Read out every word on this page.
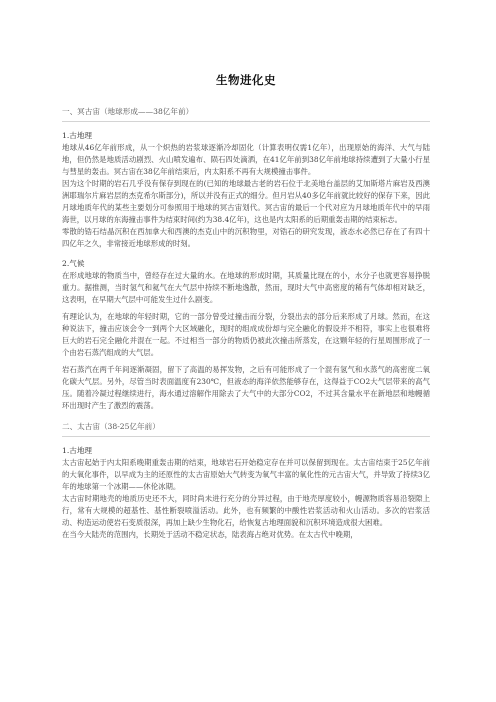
生物进化史
一、冥古宙（地球形成——38亿年前）

1.古地理

地球从46亿年前形成，从一个炽热的岩浆球逐渐冷却固化（计算表明仅需1亿年），出现原始的海洋、大气与陆地，但仍然是地质活动剧烈、火山喷发遍布、陨石四处滴洒，在41亿年前到38亿年前地球持续遭到了大量小行星与彗星的轰击。冥古宙在38亿年前结束后，内太阳系不再有大规模撞击事件。

因为这个时期的岩石几乎没有保存到现在的(已知的地球最古老的岩石位于北美地台盖层的艾加斯塔片麻岩及西澳洲耶瑞尔片麻岩层的杰克希尔斯部分)，所以并没有正式的细分。但月岩从40多亿年前就比较好的保存下来，因此月球地质年代的某些主要划分可参照用于地球的冥古宙划代。冥古宙的最后一个代对应为月球地质年代中的早雨海世，以月球的东海撞击事件为结束时间(约为38.4亿年)，这也是内太阳系的后期重轰击期的结束标志。

零散的锆石结晶沉积在西加拿大和西澳的杰克山中的沉积物里，对锆石的研究发现，液态水必然已存在了有四十四亿年之久，非常接近地球形成的时刻。

2.气候

在形成地球的物质当中，曾经存在过大量的水。在地球的形成时期，其质量比现在的小，水分子也就更容易挣脱重力。据推测，当时氢气和氦气在大气层中持续不断地逸散，然而，现时大气中高密度的稀有气体却相对缺乏，这表明，在早期大气层中可能发生过什么剧变。

有理论认为，在地球的年轻时期，它的一部分曾受过撞击而分裂，分裂出去的部分后来形成了月球。然而，在这种说法下，撞击应该会令一到两个大区域融化，现时的组成成份却与完全融化的假设并不相符，事实上也很难将巨大的岩石完全融化并混在一起。不过相当一部分的物质仍被此次撞击所蒸发，在这颗年轻的行星周围形成了一个由岩石蒸汽组成的大气层。

岩石蒸汽在两千年间逐渐凝固，留下了高温的易挥发物，之后有可能形成了一个混有氢气和水蒸气的高密度二氧化碳大气层。另外，尽管当时表面温度有230℃，但液态的海洋依然能够存在，这得益于CO2大气层带来的高气压。随着冷凝过程继续进行，海水通过溶解作用除去了大气中的大部分CO2，不过其含量水平在新地层和地幔循环出现时产生了激烈的震荡。

二、太古宙（38-25亿年前）

1.古地理

太古宙起始于内太阳系晚期重轰击期的结束，地球岩石开始稳定存在并可以保留到现在。太古宙结束于25亿年前的大氧化事件，以早成为主的还原性的太古宙原始大气转变为氧气丰富的氧化性的元古宙大气，并导致了持续3亿年的地球第一个冰期——休伦冰期。

太古宙时期地壳的地质历史还不大，同时尚未进行充分的分异过程，由于地壳厚度较小，幔源物质容易沿裂隙上行，常有大规模的超基性、基性断裂喷溢活动。此外，也有频繁的中酸性岩浆活动和火山活动。多次的岩浆活动、构造运动使岩石变质很深，再加上缺少生物化石，给恢复古地理面貌和沉积环境造成很大困难。

在当今大陆壳的范围内，长期处于活动不稳定状态，陆表海占绝对优势。在太古代中晚期，
